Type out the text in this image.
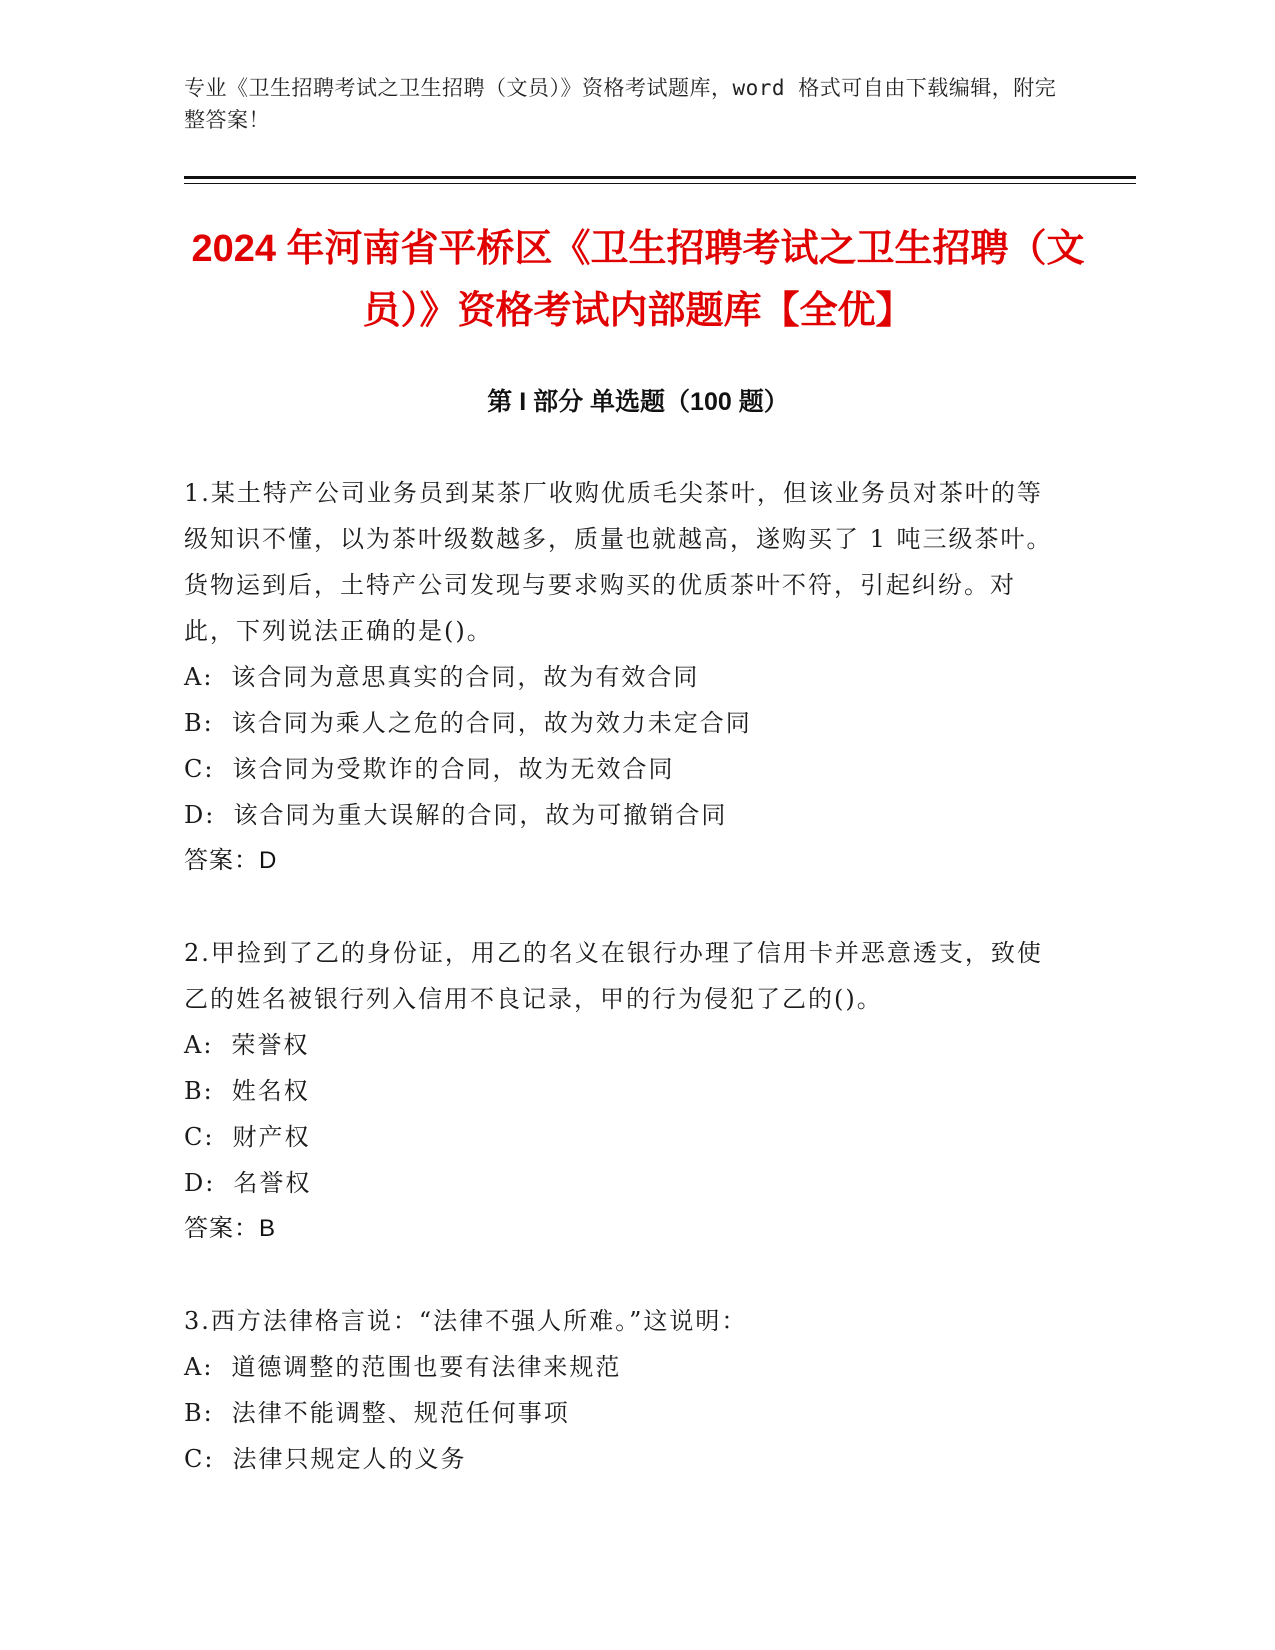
专业《卫生招聘考试之卫生招聘（文员）》资格考试题库，word 格式可自由下载编辑，附完整答案！
2024 年河南省平桥区《卫生招聘考试之卫生招聘（文员）》资格考试内部题库【全优】
第 I 部分 单选题（100 题）

1.某土特产公司业务员到某茶厂收购优质毛尖茶叶，但该业务员对茶叶的等级知识不懂，以为茶叶级数越多，质量也就越高，遂购买了 1 吨三级茶叶。货物运到后，土特产公司发现与要求购买的优质茶叶不符，引起纠纷。对此，下列说法正确的是()。

A: 该合同为意思真实的合同，故为有效合同
B: 该合同为乘人之危的合同，故为效力未定合同
C: 该合同为受欺诈的合同，故为无效合同
D: 该合同为重大误解的合同，故为可撤销合同
答案：D

2.甲捡到了乙的身份证，用乙的名义在银行办理了信用卡并恶意透支，致使乙的姓名被银行列入信用不良记录，甲的行为侵犯了乙的()。

A: 荣誉权
B: 姓名权
C: 财产权
D: 名誉权
答案：B

3.西方法律格言说：“法律不强人所难。”这说明：

A: 道德调整的范围也要有法律来规范
B: 法律不能调整、规范任何事项
C: 法律只规定人的义务
